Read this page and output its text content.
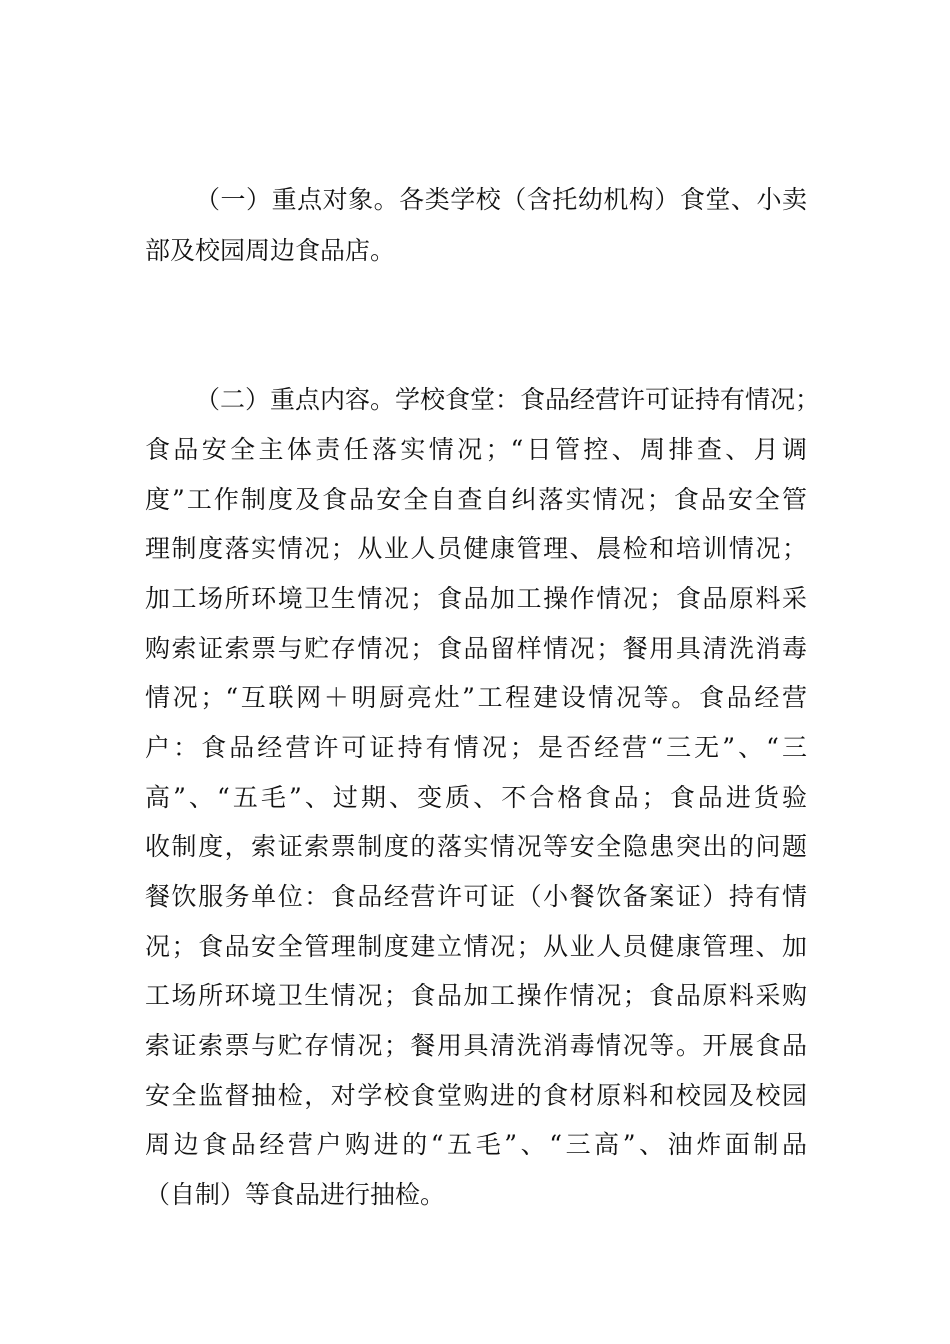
（一）重点对象。各类学校（含托幼机构）食堂、小卖
部及校园周边食品店。
（二）重点内容。学校食堂：食品经营许可证持有情况；
食品安全主体责任落实情况；“日管控、周排查、月调
度”工作制度及食品安全自查自纠落实情况；食品安全管
理制度落实情况；从业人员健康管理、晨检和培训情况；
加工场所环境卫生情况；食品加工操作情况；食品原料采
购索证索票与贮存情况；食品留样情况；餐用具清洗消毒
情况；“互联网＋明厨亮灶”工程建设情况等。食品经营
户：食品经营许可证持有情况；是否经营“三无”、“三
高”、“五毛”、过期、变质、不合格食品；食品进货验
收制度，索证索票制度的落实情况等安全隐患突出的问题
餐饮服务单位：食品经营许可证（小餐饮备案证）持有情
况；食品安全管理制度建立情况；从业人员健康管理、加
工场所环境卫生情况；食品加工操作情况；食品原料采购
索证索票与贮存情况；餐用具清洗消毒情况等。开展食品
安全监督抽检，对学校食堂购进的食材原料和校园及校园
周边食品经营户购进的“五毛”、“三高”、油炸面制品
（自制）等食品进行抽检。
